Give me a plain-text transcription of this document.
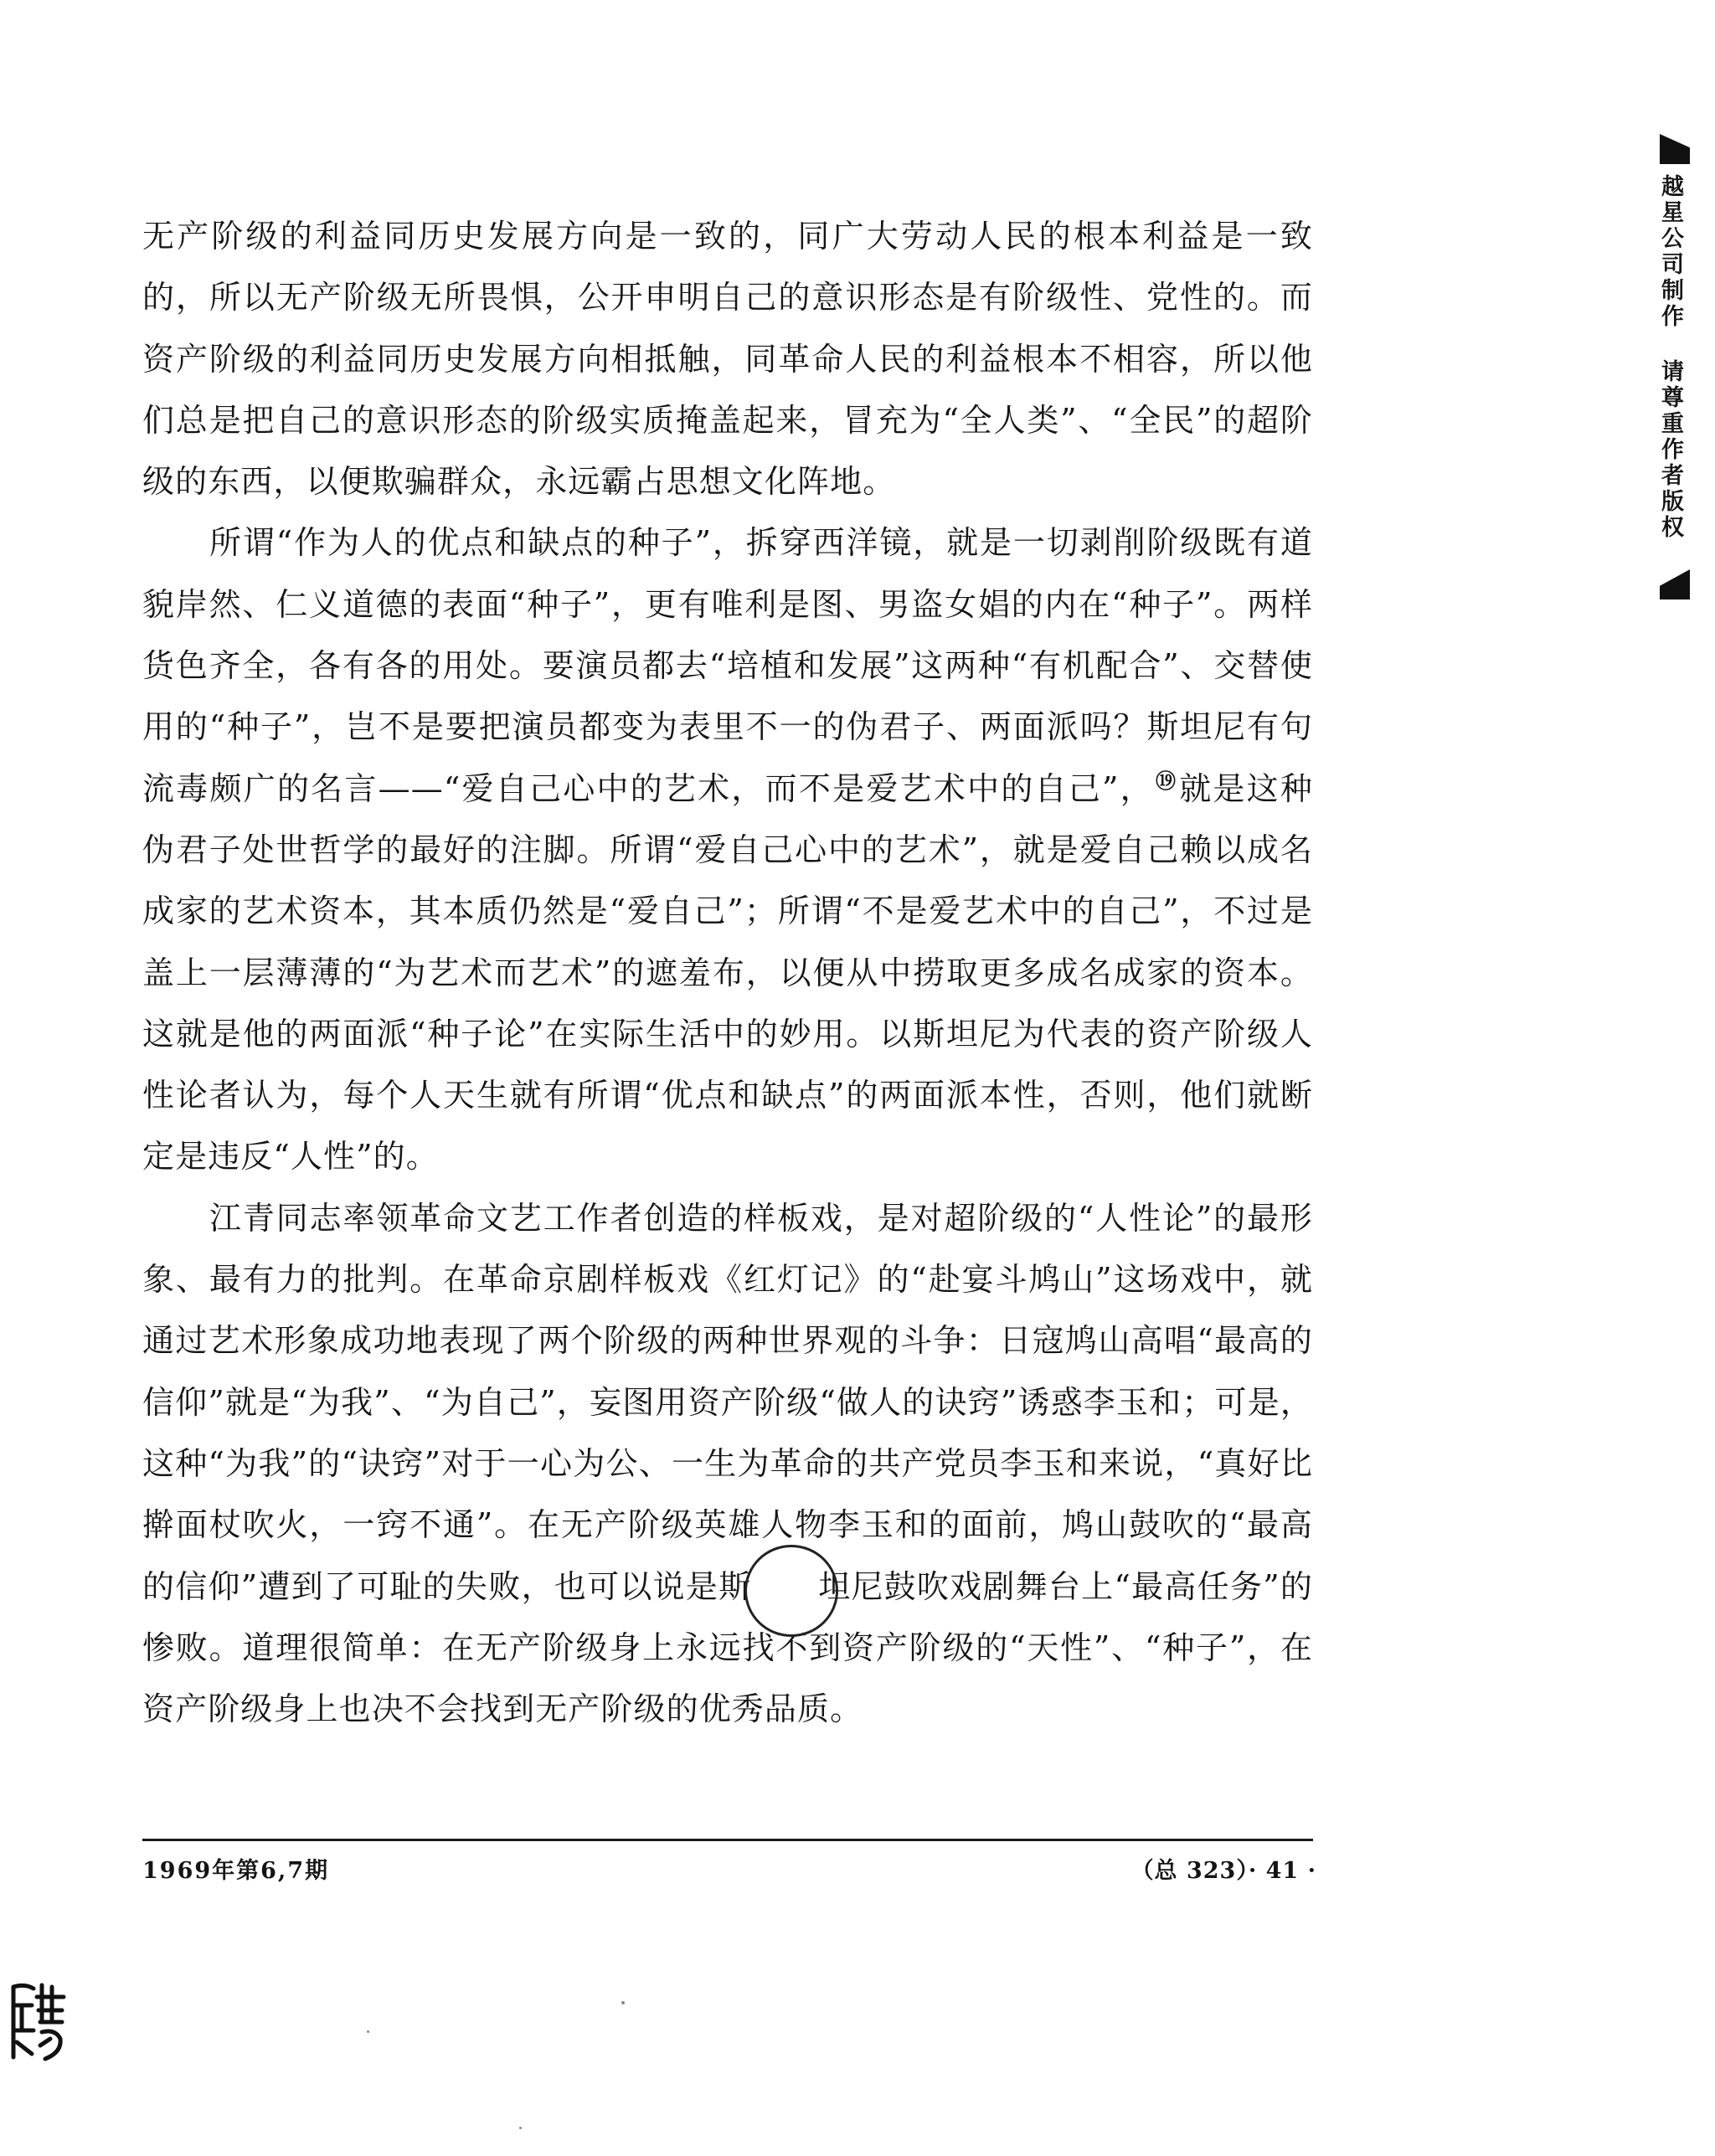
无产阶级的利益同历史发展方向是一致的，同广大劳动人民的根本利益是一致的，所以无产阶级无所畏惧，公开申明自己的意识形态是有阶级性、党性的。而资产阶级的利益同历史发展方向相抵触，同革命人民的利益根本不相容，所以他们总是把自己的意识形态的阶级实质掩盖起来，冒充为“全人类”、“全民”的超阶级的东西，以便欺骗群众，永远霸占思想文化阵地。

所谓“作为人的优点和缺点的种子”，拆穿西洋镜，就是一切剥削阶级既有道貌岸然、仁义道德的表面“种子”，更有唯利是图、男盗女娼的内在“种子”。两样货色齐全，各有各的用处。要演员都去“培植和发展”这两种“有机配合”、交替使用的“种子”，岂不是要把演员都变为表里不一的伪君子、两面派吗？斯坦尼有句流毒颇广的名言——“爱自己心中的艺术，而不是爱艺术中的自己”，⑲就是这种伪君子处世哲学的最好的注脚。所谓“爱自己心中的艺术”，就是爱自己赖以成名成家的艺术资本，其本质仍然是“爱自己”；所谓“不是爱艺术中的自己”，不过是盖上一层薄薄的“为艺术而艺术”的遮羞布，以便从中捞取更多成名成家的资本。这就是他的两面派“种子论”在实际生活中的妙用。以斯坦尼为代表的资产阶级人性论者认为，每个人天生就有所谓“优点和缺点”的两面派本性，否则，他们就断定是违反“人性”的。

江青同志率领革命文艺工作者创造的样板戏，是对超阶级的“人性论”的最形象、最有力的批判。在革命京剧样板戏《红灯记》的“赴宴斗鸠山”这场戏中，就通过艺术形象成功地表现了两个阶级的两种世界观的斗争：日寇鸠山高唱“最高的信仰”就是“为我”、“为自己”，妄图用资产阶级“做人的诀窍”诱惑李玉和；可是，这种“为我”的“诀窍”对于一心为公、一生为革命的共产党员李玉和来说，“真好比擀面杖吹火，一窍不通”。在无产阶级英雄人物李玉和的面前，鸠山鼓吹的“最高的信仰”遭到了可耻的失败，也可以说是斯 坦尼鼓吹戏剧舞台上“最高任务”的惨败。道理很简单：在无产阶级身上永远找不到资产阶级的“天性”、“种子”，在资产阶级身上也决不会找到无产阶级的优秀品质。

1969年第6,7期	（总 323）· 41 ·
越星公司制作 请尊重作者版权
